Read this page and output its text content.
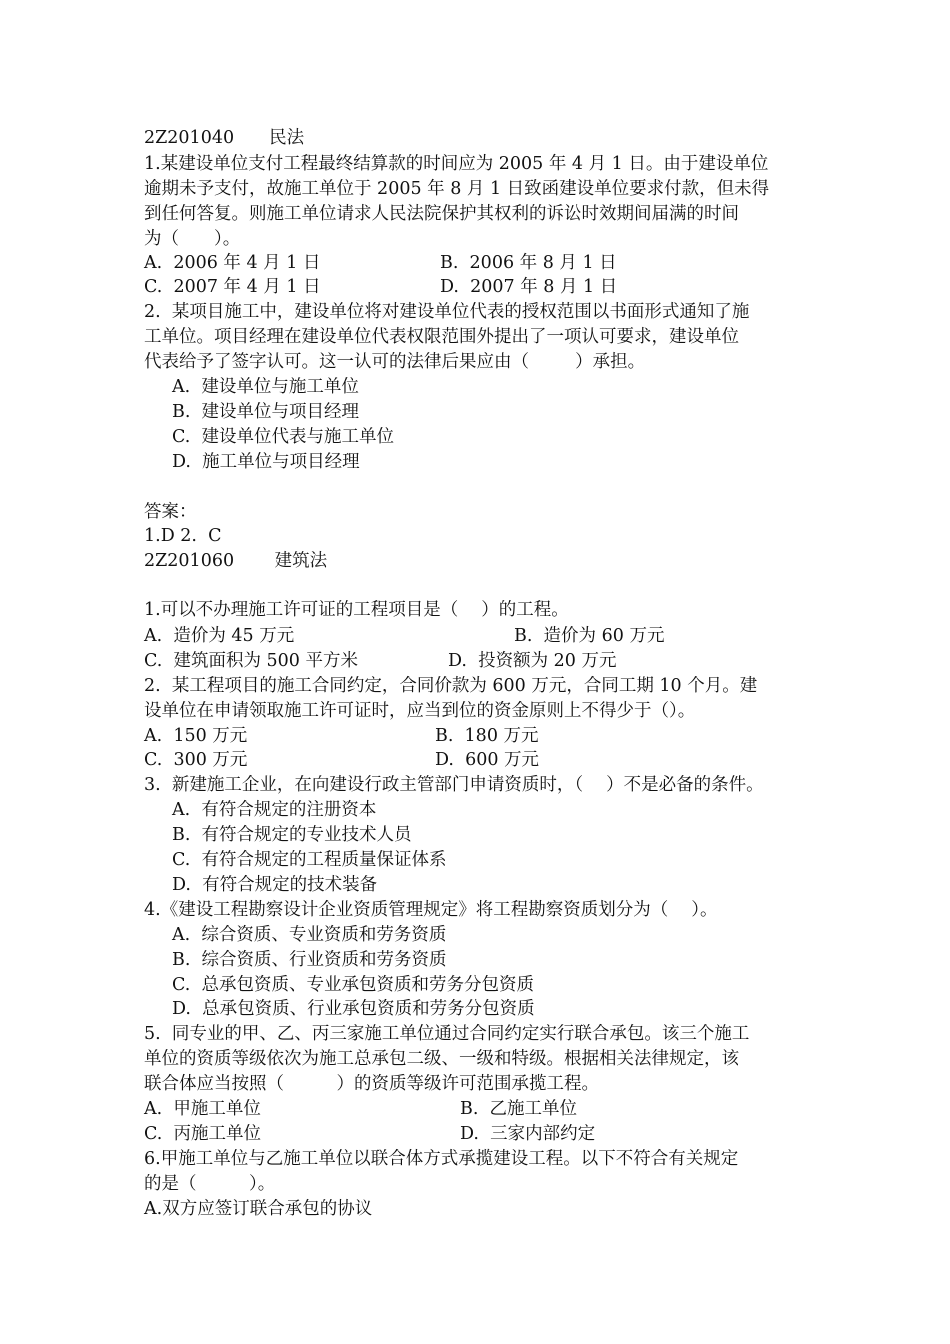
2Z201040　　民法
1.某建设单位支付工程最终结算款的时间应为 2005 年 4 月 1 日。由于建设单位
逾期未予支付，故施工单位于 2005 年 8 月 1 日致函建设单位要求付款，但未得
到任何答复。则施工单位请求人民法院保护其权利的诉讼时效期间届满的时间
为（　　）。
A.  2006 年 4 月 1 日	B.  2006 年 8 月 1 日
C.  2007 年 4 月 1 日	D.  2007 年 8 月 1 日
2.  某项目施工中，建设单位将对建设单位代表的授权范围以书面形式通知了施
工单位。项目经理在建设单位代表权限范围外提出了一项认可要求，建设单位
代表给予了签字认可。这一认可的法律后果应由（　　  ）承担。
A.  建设单位与施工单位
B.  建设单位与项目经理
C.  建设单位代表与施工单位
D.  施工单位与项目经理
答案：
1.D 2.  C
2Z201060　　 建筑法
1.可以不办理施工许可证的工程项目是（　 ）的工程。
A.  造价为 45 万元	B.  造价为 60 万元
C.  建筑面积为 500 平方米	D.  投资额为 20 万元
2.  某工程项目的施工合同约定，合同价款为 600 万元，合同工期 10 个月。建
设单位在申请领取施工许可证时，应当到位的资金原则上不得少于（）。
A.  150 万元	B.  180 万元
C.  300 万元	D.  600 万元
3.  新建施工企业，在向建设行政主管部门申请资质时，（　 ）不是必备的条件。
A.  有符合规定的注册资本
B.  有符合规定的专业技术人员
C.  有符合规定的工程质量保证体系
D.  有符合规定的技术装备
4.《建设工程勘察设计企业资质管理规定》将工程勘察资质划分为（　 ）。
A.  综合资质、专业资质和劳务资质
B.  综合资质、行业资质和劳务资质
C.  总承包资质、专业承包资质和劳务分包资质
D.  总承包资质、行业承包资质和劳务分包资质
5.  同专业的甲、乙、丙三家施工单位通过合同约定实行联合承包。该三个施工
单位的资质等级依次为施工总承包二级、一级和特级。根据相关法律规定，该
联合体应当按照（　　　）的资质等级许可范围承揽工程。
A.  甲施工单位	B.  乙施工单位
C.  丙施工单位	D.  三家内部约定
6.甲施工单位与乙施工单位以联合体方式承揽建设工程。以下不符合有关规定
的是（　　　）。
A.双方应签订联合承包的协议
